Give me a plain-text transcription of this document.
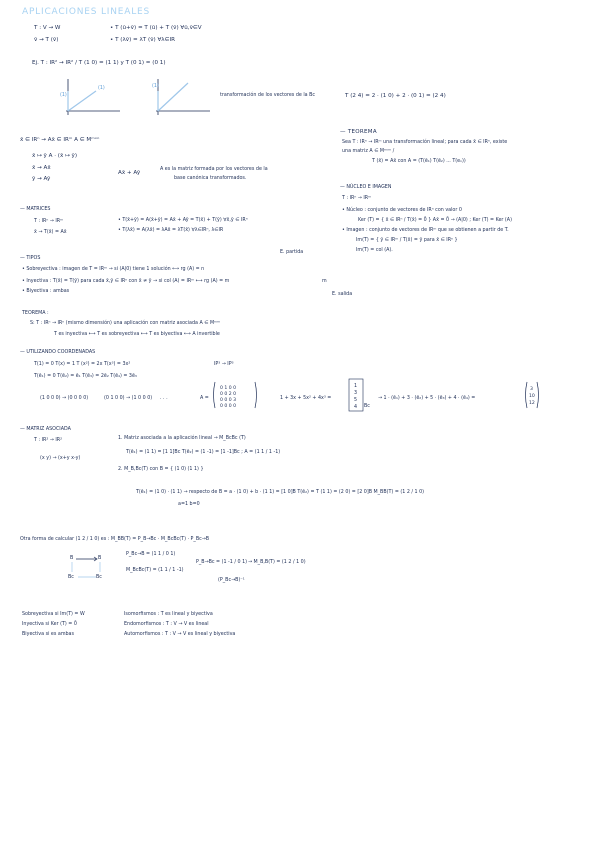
APLICACIONES LINEALES
T : V → W
v̄ → T (v̄)
• T (ū+v̄) = T (ū) + T (v̄) ∀ū,v̄∈V
• T (λv̄) = λT (v̄) ∀λ∈IR
Ej. T : IR² → IR² / T (1 0) = (1 1) y T (0 1) = (0 1)
(1)
(1)	(1)
transformación de los vectores de la Bc	T (2 4) = 2 · (1 0) + 2 · (0 1) = (2 4)
x̄ ∈ IRⁿ → Ax̄ ∈ IRᵐ A ∈ Mᵐˣⁿ
x̄ ↦ ȳ A · (x̄ ↦ ȳ)
x̄ → Ax̄
ȳ → Aȳ
Ax̄ + Aȳ
A es la matriz formada por los vectores de la
base canónica transformados.
— TEOREMA
Sea T : IRⁿ → IRᵐ una transformación lineal; para cada x̄ ∈ IRⁿ, existe
una matriz A ∈ Mᵐˣⁿ /
T (x̄) = Ax̄ con A = (T(ē₁) T(ē₂) ... T(eₙ))
— NÚCLEO E IMAGEN
T : IRⁿ → IRᵐ
• Núcleo : conjunto de vectores de IRⁿ con valor 0
Ker (T) = { x̄ ∈ IRⁿ / T(x̄) = 0̄ } Ax̄ = 0̄ → (A|0) ; Ker (T) = Ker (A)
• Imagen : conjunto de vectores de IRᵐ que se obtienen a partir de T.
Im(T) = { ȳ ∈ IRᵐ / T(x̄) = ȳ para x̄ ∈ IRⁿ }
Im(T) = col (A).
— MATRICES
T : IRⁿ → IRᵐ
x̄ → T(x̄) = Ax̄
• T(x̄+ȳ) = A(x̄+ȳ) = Ax̄ + Aȳ = T(x̄) + T(ȳ) ∀x̄,ȳ ∈ IRⁿ
• T(λx̄) = A(λx̄) = λAx̄ = λT(x̄) ∀λ∈IRⁿ, λ∈IR
E. partida
— TIPOS
• Sobreyectiva : imagen de T = IRᵐ → si (A|0) tiene 1 solución ⟷ rg (A) = n
• Inyectiva : T(x̄) = T(ȳ) para cada x̄,ȳ ∈ IRⁿ con x̄ ≠ ȳ → si col (A) = IRᵐ ⟷ rg (A) = m	m
• Biyectiva : ambas
E. salida
TEOREMA :
S: T : IRⁿ → IRⁿ (mismo dimensión) una aplicación con matriz asociada A ∈ Mⁿˣⁿ
T es inyectiva ⟷ T es sobreyectiva ⟷ T es biyectiva ⟷ A invertible
— UTILIZANDO COORDENADAS
T(1) = 0 T(x) = 1 T (x²) = 2x T(x³) = 3x²	IP³ → IP³
T(ē₁) = 0 T(ē₂) = ē₁ T(ē₃) = 2ē₂ T(ē₄) = 3ē₃
(1 0 0 0) → (0 0 0 0)	(0 1 0 0) → (1 0 0 0) . . .	A =
0 1 0 0
0 0 2 0
0 0 0 3
0 0 0 0
1 + 3x + 5x² + 4x³ =
1
3
5
4 Bc
→ 1 · (ē₁) + 3 · (ē₂) + 5 · (ē₃) + 4 · (ē₄) =
3
10
12
— MATRIZ ASOCIADA
T : IR² → IR²
(x y) → (x+y x-y)
1. Matriz asociada a la aplicación lineal → M_BcBc (T)
T(ē₁) = (1 1) = [1 1]Bc T(ē₂) = (1 -1) = [1 -1]Bc ; A = (1 1 / 1 -1)
2. M_B,Bc(T) con B = { (1 0) (1 1) }
T(ē₁) = (1 0) · (1 1) → respecto de B = a · (1 0) + b · (1 1) = [1 0]B T(ē₂) = T (1 1) = (2 0) = [2 0]B M_BB(T) = (1 2 / 1 0)
a=1 b=0
Otra forma de calcular (1 2 / 1 0) es : M_BB(T) = P_B→Bc · M_BcBc(T) · P_Bc→B
B	B
Bc	Bc
P_Bc→B = (1 1 / 0 1)
M_BcBc(T) = (1 1 / 1 -1)
P_B→Bc = (1 -1 / 0 1) → M_B,B(T) = (1 2 / 1 0)
(P_Bc→B)⁻¹
Sobreyectiva si Im(T) = W
Inyectiva si Ker (T) = 0̄
Biyectiva si es ambas
Isomorfismos : T es lineal y biyectiva
Endomorfismos : T : V → V es lineal
Automorfismos : T : V → V es lineal y biyectiva
